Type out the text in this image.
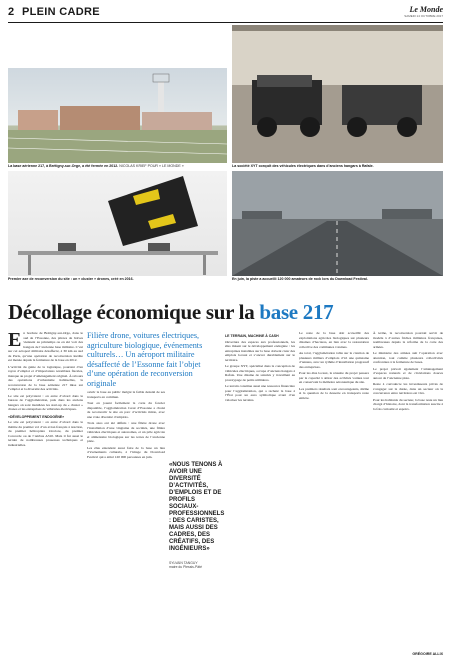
2 PLEIN CADRE	Le Monde
SAMEDI 14 OCTOBRE 2017
La base aérienne 217, à Brétigny-sur-Orge, a été fermée en 2012. NICOLAS KRIEF POUR « LE MONDE »	La société XYT conçoit des véhicules électriques dans d’anciens hangars à Rafale.
Premier axe de reconversion du site : un « cluster » drones, créé en 2016.	En juin, la piste a accueilli 120 000 amateurs de rock lors du Download Festival.
Décollage économique sur la base 217
Filière drone, voitures électriques, agriculture biologique, événements culturels… Un aéroport militaire désaffecté de l’Essonne fait l’objet d’une opération de reconversion originale

En bordure de Brétigny-sur-Orge, dans le sud de l’Essonne, des pilotes de brèves viennent au printemps ou en été voir des hangars de l’ancienne base militaire. C’est sur cet aéroport militaire désaffecté, à 30 km au sud de Paris, qu’une opération de reconversion inédite est menée depuis la fermeture de la base en 2012.

L’activité du génie de la logistique, pourtant d’un rayon d’emploi et d’importantes retombées fiscales, manque au projet d’aménagement original. À rebours des opérations d’urbanisme habituelles, la reconversion de la base aérienne 217 mise sur l’emploi et la diversité des activités.

Le site est polyvalent : on entre d’abord dans le bureau de l’agglomération, puis dans les anciens hangars où sont installées les start-up du « cluster » drones et les entreprises de véhicules électriques.

«DÉVELOPPEMENT ENDOGÈNE»

Le site est polyvalent : on entre d’abord dans le théâtre du premier vol d’un avion français à réaction, du premier hélicoptère tricolore, du premier Concorde ou de l’Airbus A310. Mais il fut aussi le terrain de nombreuses prouesses techniques et industrielles.

ouvrir la base au public malgré la faible densité de ses transports en commun.

Tout en jouant facilement la carte du foncier disponible, l’agglomération Cœur d’Essonne a choisi de reconvertir le site en parc d’activités mixte, avec une vraie diversité d’emplois.

Trois axes ont été définis : une filière drone avec l’installation d’une vingtaine de sociétés, une filière véhicules électriques et autonomes, et un pôle agricole et alimentaire biologique sur les terres de l’ancienne piste.

Les élus entendent aussi faire de la base un lieu d’événements culturels, à l’image du Download Festival qui a attiré 120 000 personnes en juin.

«NOUS TENONS À AVOIR UNE DIVERSITÉ D’ACTIVITÉS, D’EMPLOIS ET DE PROFILS SOCIAUX-PROFESSIONNELS : DES CARISTES, MAIS AUSSI DES CADRES, DES CRÉATIFS, DES INGÉNIEURS»
SYLVAIN TANGUY
maire du Plessis-Pâté
LE TERRAIN, MACHINE À CASH

Ouverture des espaces aux professionnels, les élus misent sur le développement endogène : les entreprises installées sur la base doivent créer des emplois locaux et s’ancrer durablement sur le territoire.

Le groupe XYT, spécialisé dans la conception de véhicules électriques, occupe d’anciens hangars à Rafale. Une dizaine de salariés y travaillent au prototypage de petits utilitaires.

Le terrain constitue aussi une ressource financière pour l’agglomération, qui a racheté la base à l’État pour un euro symbolique avant d’en valoriser les terrains.

Le reste de la base doit accueillir des exploitations agricoles biologiques sur plusieurs dizaines d’hectares, en lien avec la restauration collective des communes voisines.

Au total, l’agglomération table sur la création de plusieurs milliers d’emplois d’ici une quinzaine d’années, avec un rythme d’installation progressif des entreprises.

Pour les élus locaux, la réussite du projet passera par la capacité à attirer des activités variées tout en conservant la mémoire aéronautique du site.

Les premiers résultats sont encourageants, même si la question de la desserte en transports reste entière.

À terme, la reconversion pourrait servir de modèle à d’autres friches militaires françaises, nombreuses depuis la réforme de la carte des armées.

Le ministère des armées suit l’opération avec attention, tout comme plusieurs collectivités confrontées à la fermeture de bases.

Le projet prévoit également l’aménagement d’espaces naturels et de circulations douces autour de l’ancienne piste.

Reste à convaincre les investisseurs privés de s’engager sur la durée, dans un secteur où la concurrence entre territoires est vive.

Pour les habitants du secteur, la base reste un lieu chargé d’histoire, dont la transformation suscite à la fois curiosité et espoirs.

GRÉGOIRE ALLIX
